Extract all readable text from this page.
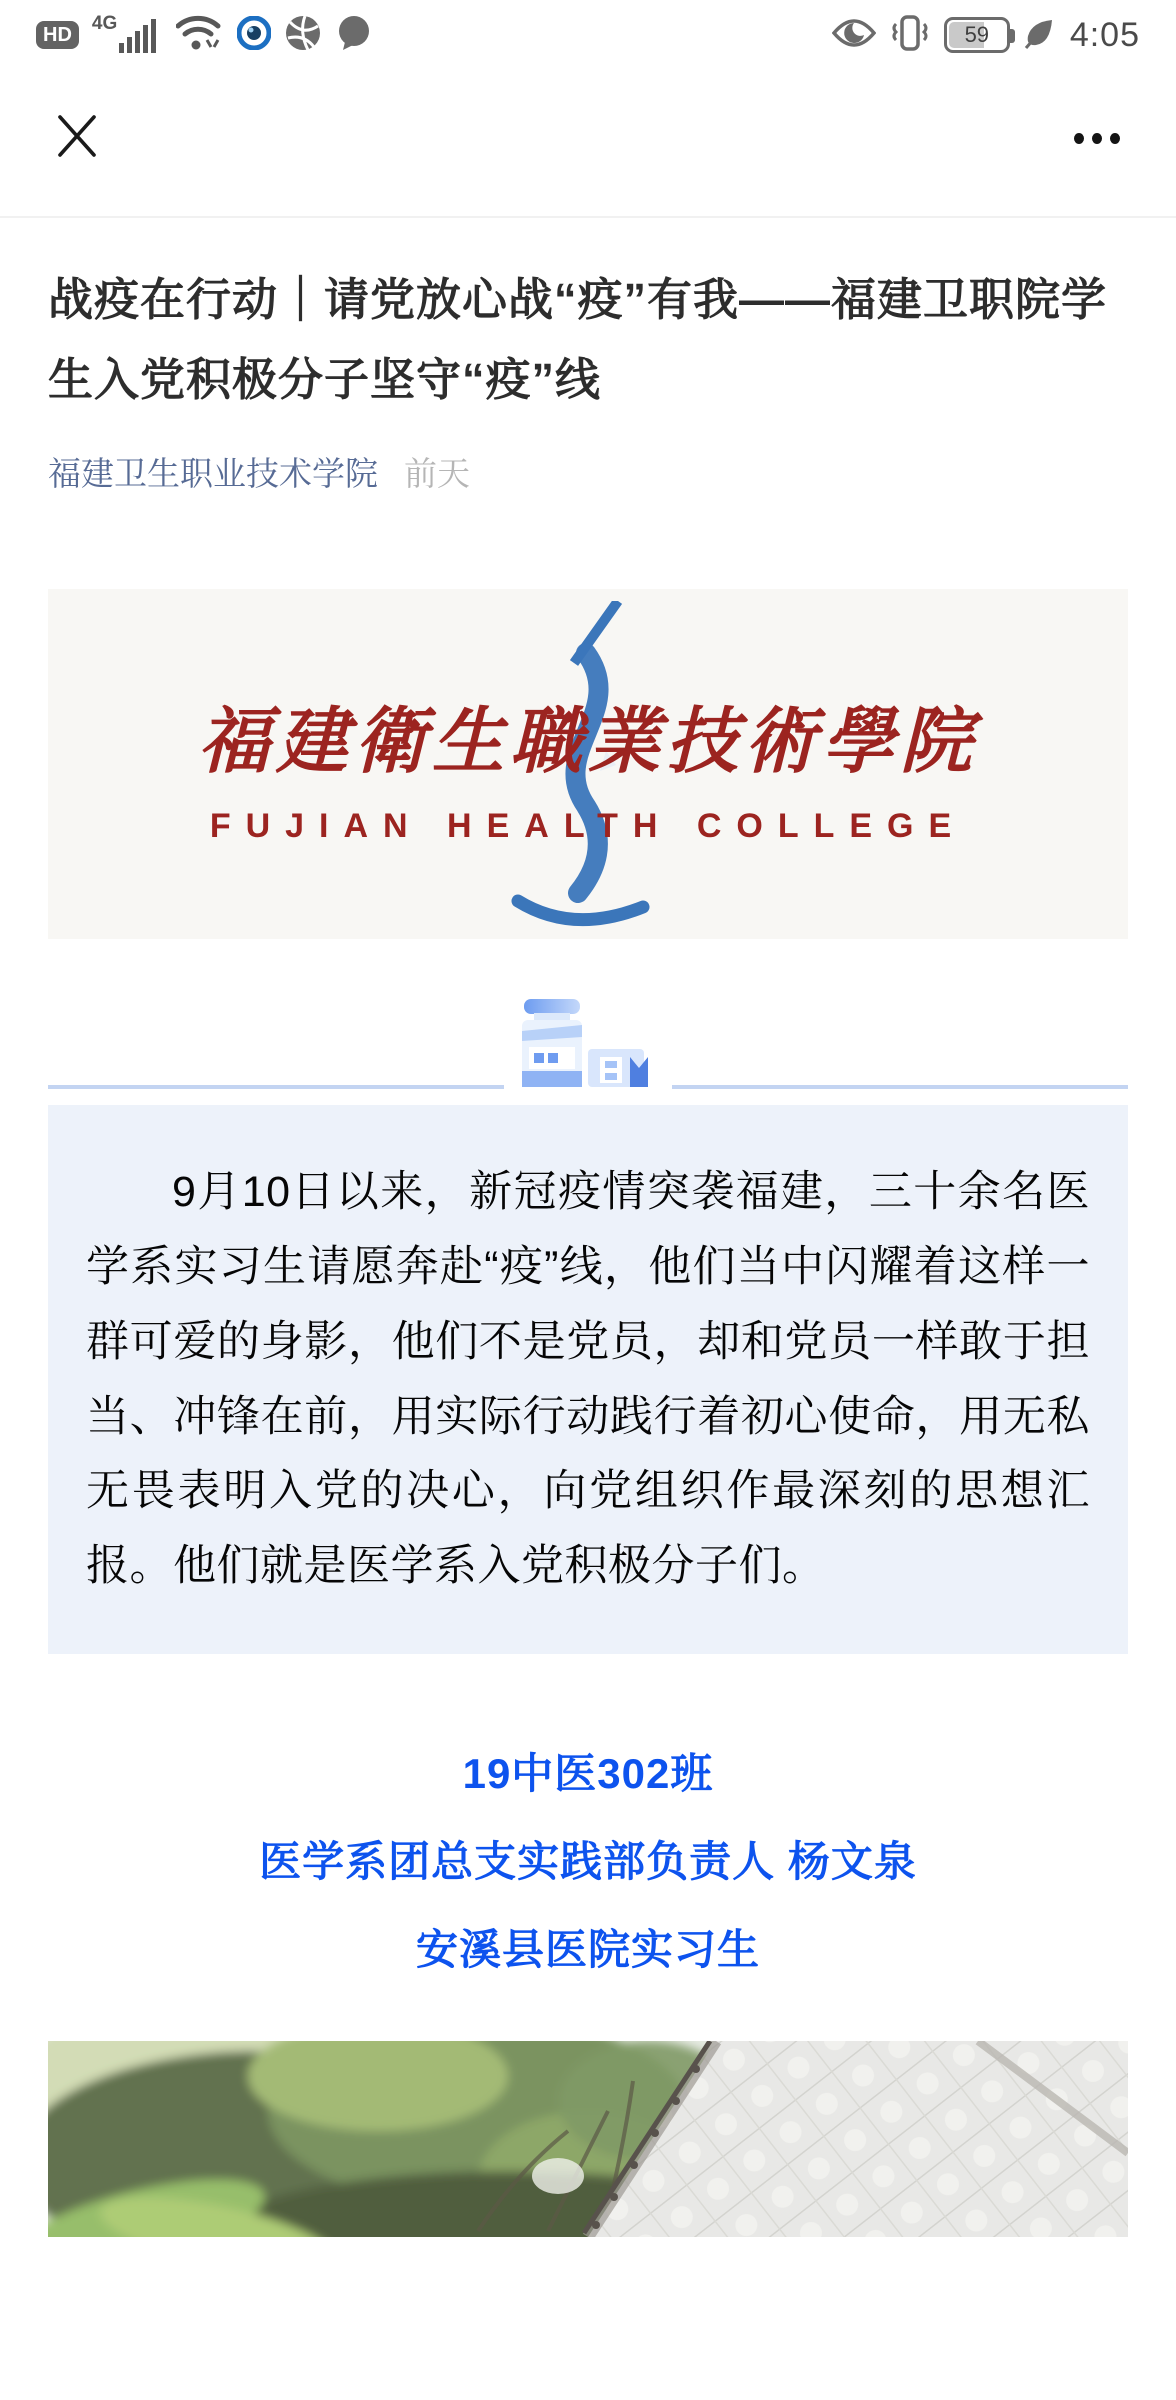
HD
4G	59 4:05
战疫在行动｜请党放心战“疫”有我——福建卫职院学生入党积极分子坚守“疫”线
福建卫生职业技术学院 前天
福建衛生職業技術學院
FUJIAN HEALTH COLLEGE
9月10日以来，新冠疫情突袭福建，三十余名医学系实习生请愿奔赴“疫”线，他们当中闪耀着这样一群可爱的身影，他们不是党员，却和党员一样敢于担当、冲锋在前，用实际行动践行着初心使命，用无私无畏表明入党的决心，向党组织作最深刻的思想汇报。他们就是医学系入党积极分子们。
19中医302班
医学系团总支实践部负责人 杨文泉
安溪县医院实习生
